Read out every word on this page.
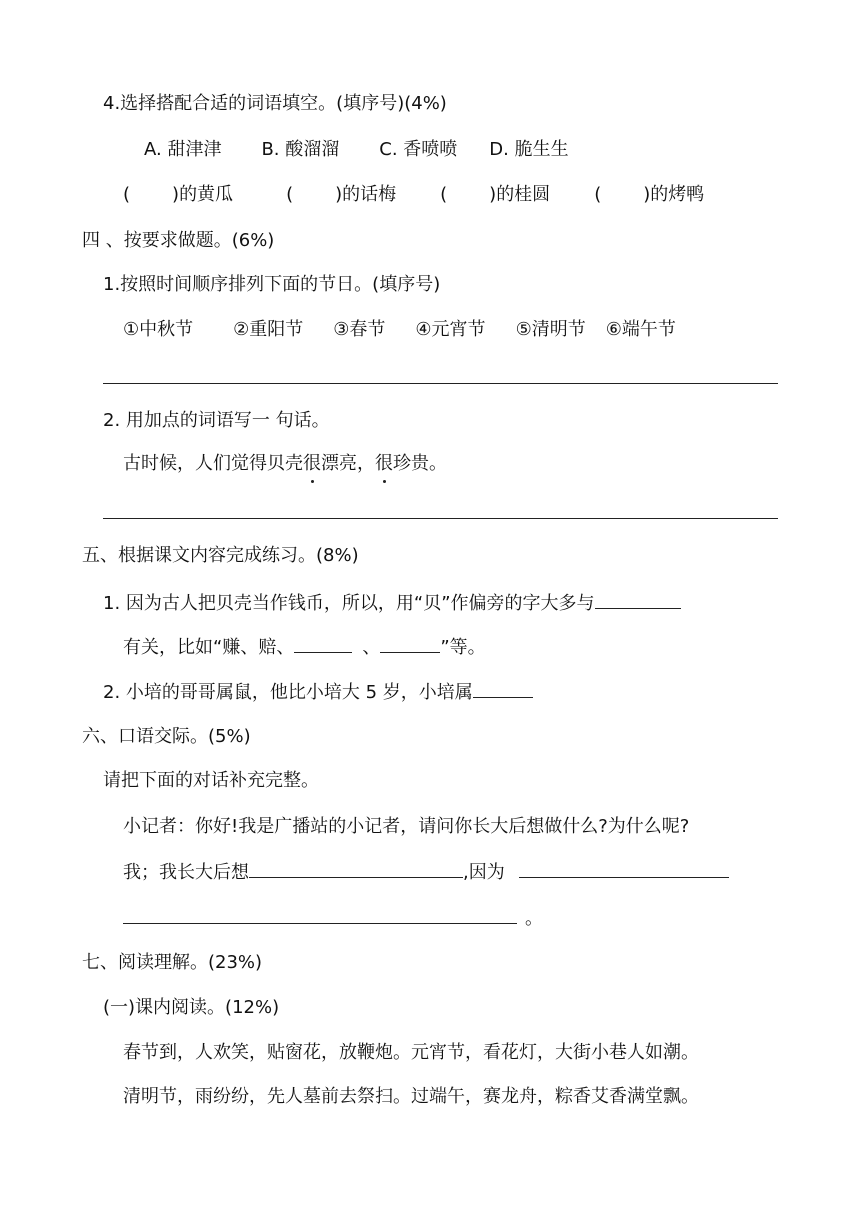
4.选择搭配合适的词语填空。(填序号)(4%)
A. 甜津津 B. 酸溜溜 C. 香喷喷 D. 脆生生
( ) 的黄瓜	( ) 的话梅 ( ) 的桂圆 ( ) 的烤鸭
四 、按要求做题。(6%)
1.按照时间顺序排列下面的节日。(填序号)
①中秋节 ②重阳节 ③春节 ④元宵节 ⑤清明节 ⑥端午节
2. 用加点的词语写一 句话。
古时候，人们觉得贝壳 很 漂亮， 很 珍贵。
五、根据课文内容完成练习。(8%)
1. 因为古人把贝壳当作钱币，所以，用“贝”作偏旁的字大多与
有关，比如“赚、赔、	、	”等。
2. 小培的哥哥属鼠，他比小培大 5 岁，小培属
六、口语交际。(5%)
请把下面的对话补充完整。
小记者：你好!我是广播站的小记者，请问你长大后想做什么?为什么呢?
我；我长大后想	,因为
。
七、阅读理解。(23%)
(一)课内阅读。(12%)
春节到，人欢笑，贴窗花，放鞭炮。元宵节，看花灯，大街小巷人如潮。
清明节，雨纷纷，先人墓前去祭扫。过端午，赛龙舟，粽香艾香满堂飘。
